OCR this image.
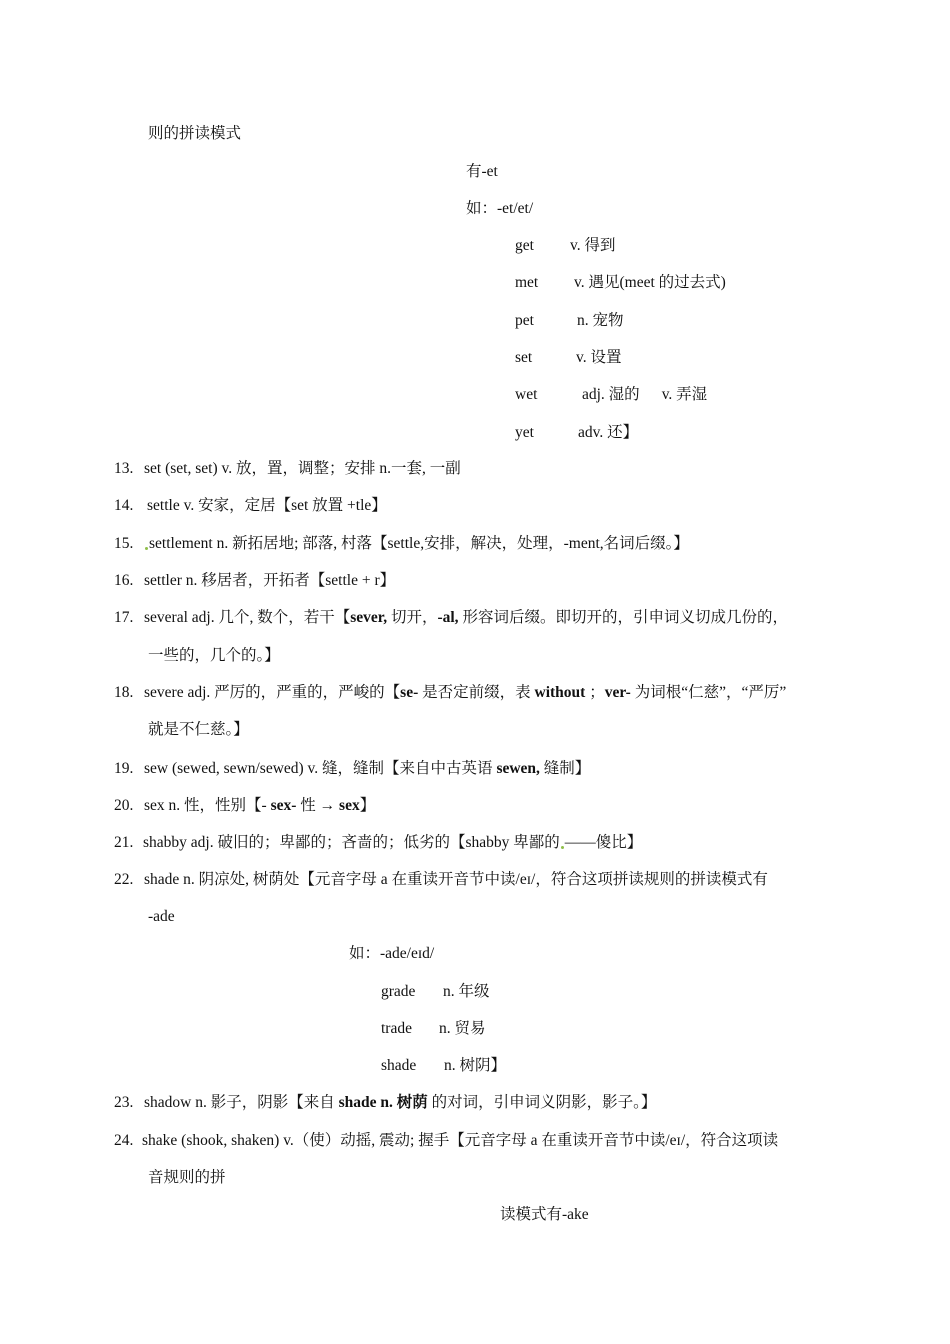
则的拼读模式
有-et
如：-et/et/
get v. 得到
met v. 遇见(meet 的过去式)
pet	n. 宠物
set	v. 设置
wet	adj. 湿的 v. 弄湿
yet	adv. 还】
13. set (set, set) v. 放，置，调整；安排 n.一套, 一副
14. settle v. 安家，定居【set 放置 +tle】
15. settlement n. 新拓居地; 部落, 村落【settle,安排，解决，处理，-ment,名词后缀。】
16. settler n. 移居者，开拓者【settle + r】
17. several adj. 几个, 数个，若干【sever, 切开，-al, 形容词后缀。即切开的，引申词义切成几份的，
一些的，几个的。】
18. severe adj. 严厉的，严重的，严峻的【se- 是否定前缀，表 without ；ver- 为词根“仁慈”，“严厉”
就是不仁慈。】
19. sew (sewed, sewn/sewed) v. 缝，缝制【来自中古英语 sewen, 缝制】
20. sex n. 性，性别【- sex- 性 → sex】
21. shabby adj. 破旧的；卑鄙的；吝啬的；低劣的【shabby 卑鄙的 ——傻比】
22. shade n. 阴凉处, 树荫处【元音字母 a 在重读开音节中读/eɪ/，符合这项拼读规则的拼读模式有
-ade
如：-ade/eɪd/
grade n. 年级
trade n. 贸易
shade n. 树阴】
23. shadow n. 影子，阴影【来自 shade n. 树荫 的对词，引申词义阴影，影子。】
24. shake (shook, shaken) v.（使）动摇, 震动; 握手【元音字母 a 在重读开音节中读/eɪ/，符合这项读
音规则的拼
读模式有-ake
